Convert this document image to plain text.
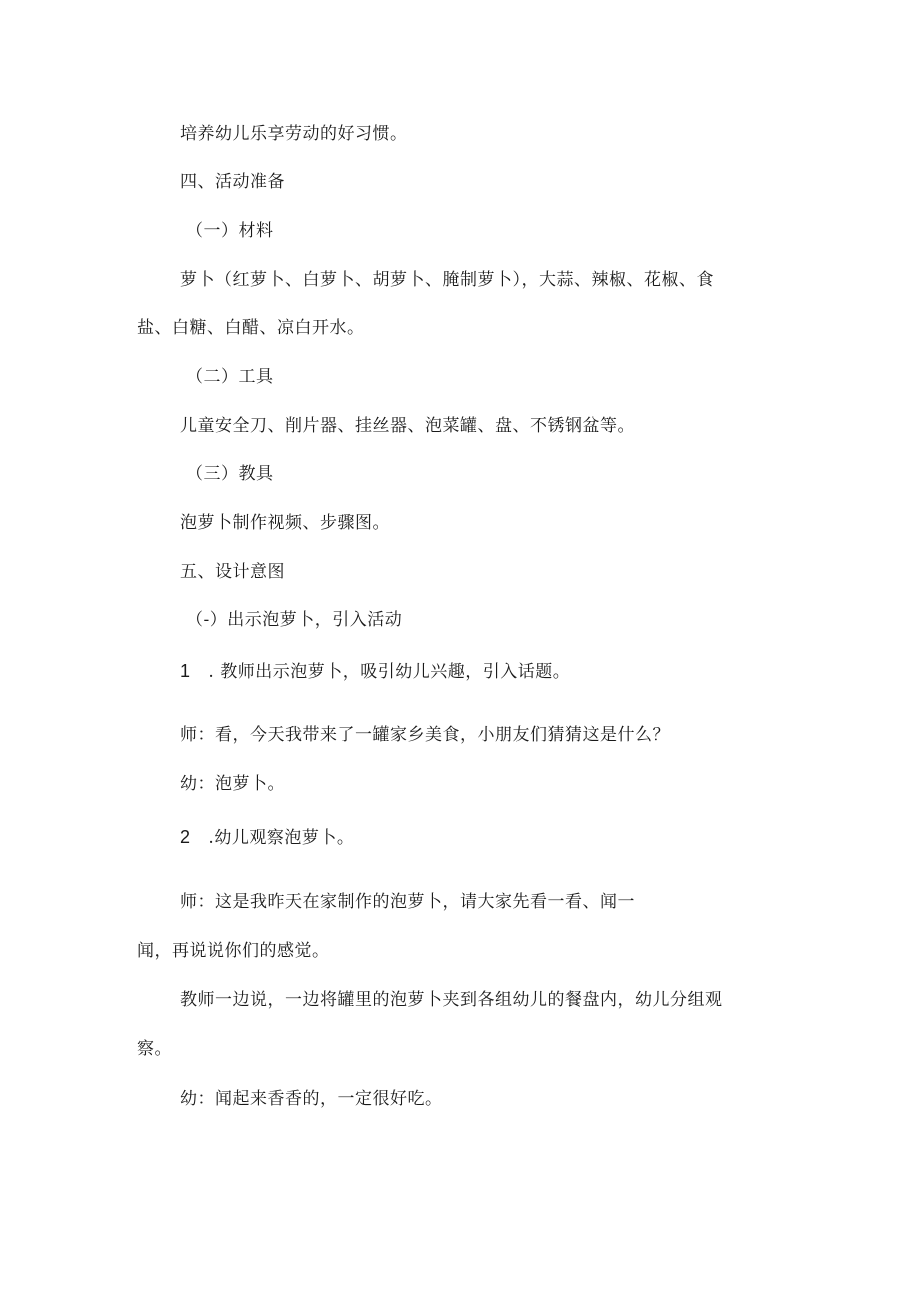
培养幼儿乐享劳动的好习惯。
四、活动准备
（一）材料
萝卜（红萝卜、白萝卜、胡萝卜、腌制萝卜），大蒜、辣椒、花椒、食
盐、白糖、白醋、凉白开水。
（二）工具
儿童安全刀、削片器、挂丝器、泡菜罐、盘、不锈钢盆等。
（三）教具
泡萝卜制作视频、步骤图。
五、设计意图
（-）出示泡萝卜，引入活动
1 . 教师出示泡萝卜，吸引幼儿兴趣，引入话题。
师：看，今天我带来了一罐家乡美食，小朋友们猜猜这是什么？
幼：泡萝卜。
2 .幼儿观察泡萝卜。
师：这是我昨天在家制作的泡萝卜，请大家先看一看、闻一
闻，再说说你们的感觉。
教师一边说，一边将罐里的泡萝卜夹到各组幼儿的餐盘内，幼儿分组观
察。
幼：闻起来香香的，一定很好吃。
